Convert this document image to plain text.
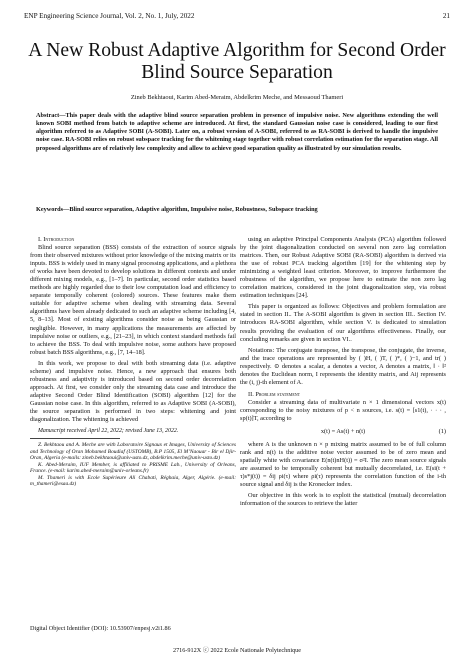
ENP Engineering Science Journal, Vol. 2, No. 1, July, 2022	21
A New Robust Adaptive Algorithm for Second Order Blind Source Separation
Zineb Bekhtaoui, Karim Abed-Meraim, Abdelkrim Meche, and Messaoud Thameri

Abstract—This paper deals with the adaptive blind source separation problem in presence of impulsive noise. New algorithms extending the well known SOBI method from batch to adaptive scheme are introduced. At first, the standard Gaussian noise case is considered, leading to our first algorithm referred to as Adaptive SOBI (A-SOBI). Later on, a robust version of A-SOBI, referred to as RA-SOBI is derived to handle the impulsive noise case. RA-SOBI relies on robust subspace tracking for the whitening stage together with robust correlation estimation for the separation stage. All proposed algorithms are of relatively low complexity and allow to achieve good separation quality as illustrated by our simulation results.

Keywords—Blind source separation, Adaptive algorithm, Impulsive noise, Robustness, Subspace tracking

I. Introduction

Blind source separation (BSS) consists of the extraction of source signals from their observed mixtures without prior knowledge of the mixing matrix or its inputs. BSS is widely used in many signal processing applications, and a plethora of works have been devoted to develop solutions in different contexts and under different mixing models, e.g., [1–7]. In particular, second order statistics based methods are highly regarded due to their low computation load and efficiency to separate temporally coherent (colored) sources. These features make them suitable for adaptive scheme when dealing with streaming data. Several algorithms have been already dedicated to such an adaptive scheme including [4, 5, 8–13]. Most of existing algorithms consider noise as being Gaussian or negligible. However, in many applications the measurements are affected by impulsive noise or outliers, e.g., [21–23], in which context standard methods fail to achieve the BSS. To deal with impulsive noise, some authors have proposed robust batch BSS algorithms, e.g., [7, 14–18].

In this work, we propose to deal with both streaming data (i.e. adaptive scheme) and impulsive noise. Hence, a new approach that ensures both robustness and adaptivity is introduced based on second order decorrelation approach. At first, we consider only the streaming data case and introduce the adaptive Second Order Blind Identification (SOBI) algorithm [12] for the Gaussian noise case. In this algorithm, referred to as Adaptive SOBI (A-SOBI), the source separation is performed in two steps: whitening and joint diagonalization. The whitening is achieved

Manuscript received April 22, 2022; revised June 13, 2022.

Z. Bekhtaou and A. Meche are with Laboratoire Signaux et Images, University of Sciences and Technology of Oran Mohamed Boudiaf (USTOMB), B.P 1505, El M’Naouar - Bir el Djir- Oran, Algeria (e-mails: zineb.bekhtaoui@univ-usto.dz, abdelkrim.meche@univ-usto.dz)

K. Abed-Meraim, IUF Member, is affiliated to PRISME Lab., University of Orleans, France. (e-mail: karim.abed-meraim@univ-orleans.fr)

M. Thameri is with Ecole Supérieure Ali Chabati, Réghaia, Alger, Algérie. (e-mail: m_thameri@esaa.dz)

using an adaptive Principal Components Analysis (PCA) algorithm followed by the joint diagonalization conducted on several non zero lag correlation matrices. Then, our Robust Adaptive SOBI (RA-SOBI) algorithm is derived via the use of robust PCA tracking algorithm [19] for the whitening step by minimizing a weighted least criterion. Moreover, to improve furthermore the robustness of the algorithm, we propose here to estimate the non zero lag correlation matrices, considered in the joint diagonalization step, via robust estimation techniques [24].

This paper is organized as follows: Objectives and problem formulation are stated in section II.. The A-SOBI algorithm is given in section III.. Section IV. introduces RA-SOBI algorithm, while section V. is dedicated to simulation results providing the evaluation of our algorithms effectiveness. Finally, our concluding remarks are given in section VI..

Notations: The conjugate transpose, the transpose, the conjugate, the inverse, and the trace operations are represented by ( )H, ( )T, ( )*, ( )−1, and tr( ) respectively. ⊙ denotes a scalar, a denotes a vector, A denotes a matrix, ‖ · ‖² denotes the Euclidean norm, I represents the identity matrix, and Aij represents the (i, j)-th element of A.

II. Problem statement

Consider a streaming data of multivariate n × 1 dimensional vectors x(t) corresponding to the noisy mixtures of p < n sources, i.e. s(t) = [s1(t), · · · , sp(t)]T, according to

x(t) = As(t) + n(t)	(1)

where A is the unknown n × p mixing matrix assumed to be of full column rank and n(t) is the additive noise vector assumed to be of zero mean and spatially white with covariance E(n(t)nH(t)) = σ²I. The zero mean source signals are assumed to be temporally coherent but mutually decorrelated, i.e. E(si(t + τ)s*j(t)) = δij ρi(τ) where ρi(τ) represents the correlation function of the i-th source signal and δij is the Kronecker index.

Our objective in this work is to exploit the statistical (mutual) decorrelation information of the sources to retrieve the latter

Digital Object Identifier (DOI): 10.53907/enpesj.v2i1.86
2716-912X ⓒ 2022 Ecole Nationale Polytechnique
